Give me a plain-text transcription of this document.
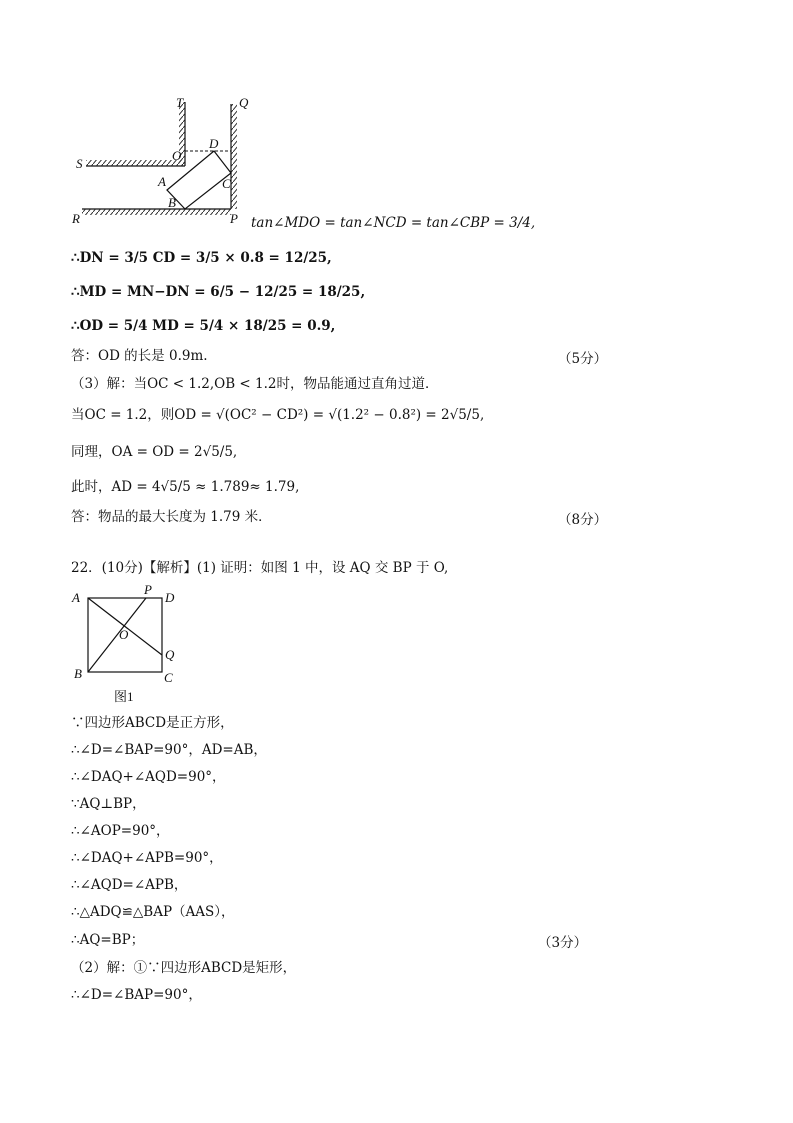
T	Q
S
O
D
A	C
B
R	P tan∠MDO = tan∠NCD = tan∠CBP = 3/4,
∴DN = 3/5 CD = 3/5 × 0.8 = 12/25,
∴MD = MN−DN = 6/5 − 12/25 = 18/25,
∴OD = 5/4 MD = 5/4 × 18/25 = 0.9,
答：OD 的长是 0.9m.	（5分）
（3）解：当OC < 1.2,OB < 1.2时，物品能通过直角过道．
当OC = 1.2，则OD = √(OC² − CD²) = √(1.2² − 0.8²) = 2√5/5,
同理，OA = OD = 2√5/5,
此时，AD = 4√5/5 ≈ 1.789≈ 1.79,
答：物品的最大长度为 1.79 米．	（8分）
22．(10分)【解析】(1) 证明：如图 1 中，设 AQ 交 BP 于 O,
A
P
D
O
Q
B	C
图1
∵四边形ABCD是正方形，
∴∠D=∠BAP=90°，AD=AB，
∴∠DAQ+∠AQD=90°，
∵AQ⊥BP，
∴∠AOP=90°，
∴∠DAQ+∠APB=90°，
∴∠AQD=∠APB，
∴△ADQ≌△BAP（AAS），
∴AQ=BP；	（3分）
（2）解：①∵四边形ABCD是矩形，
∴∠D=∠BAP=90°，
